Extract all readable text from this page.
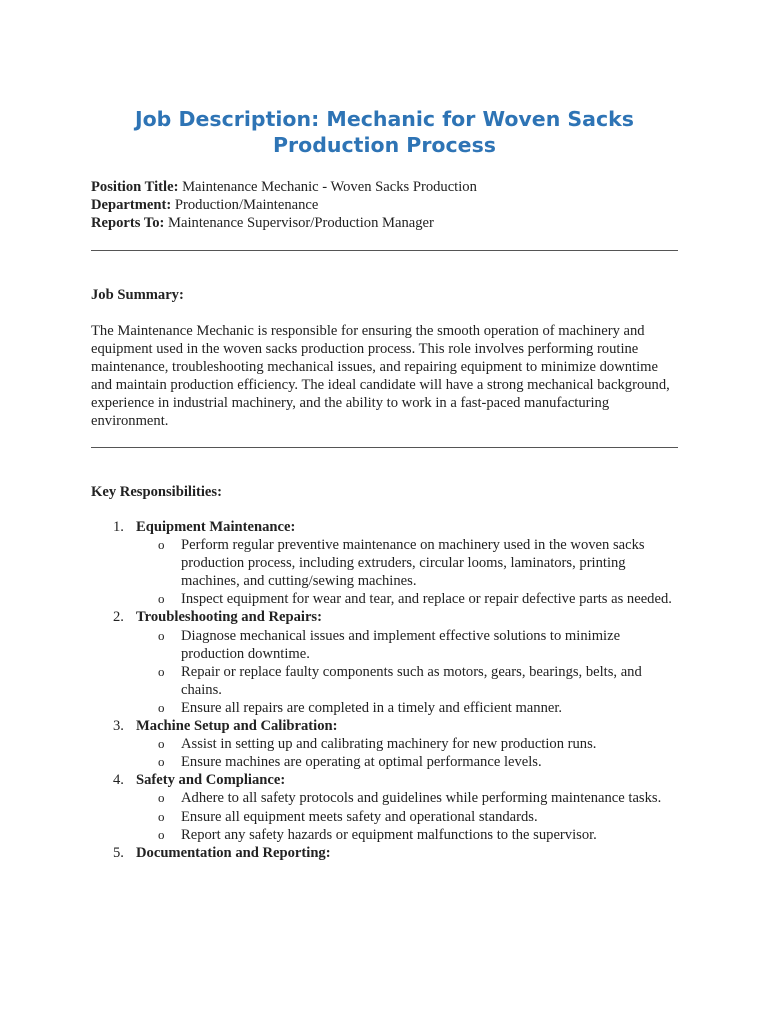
Job Description: Mechanic for Woven Sacks Production Process
Position Title: Maintenance Mechanic - Woven Sacks Production
Department: Production/Maintenance
Reports To: Maintenance Supervisor/Production Manager
Job Summary:

The Maintenance Mechanic is responsible for ensuring the smooth operation of machinery and equipment used in the woven sacks production process. This role involves performing routine maintenance, troubleshooting mechanical issues, and repairing equipment to minimize downtime and maintain production efficiency. The ideal candidate will have a strong mechanical background, experience in industrial machinery, and the ability to work in a fast-paced manufacturing environment.

Key Responsibilities:
1. Equipment Maintenance:
o Perform regular preventive maintenance on machinery used in the woven sacks production process, including extruders, circular looms, laminators, printing machines, and cutting/sewing machines.
o Inspect equipment for wear and tear, and replace or repair defective parts as needed.
2. Troubleshooting and Repairs:
o Diagnose mechanical issues and implement effective solutions to minimize production downtime.
o Repair or replace faulty components such as motors, gears, bearings, belts, and chains.
o Ensure all repairs are completed in a timely and efficient manner.
3. Machine Setup and Calibration:
o Assist in setting up and calibrating machinery for new production runs.
o Ensure machines are operating at optimal performance levels.
4. Safety and Compliance:
o Adhere to all safety protocols and guidelines while performing maintenance tasks.
o Ensure all equipment meets safety and operational standards.
o Report any safety hazards or equipment malfunctions to the supervisor.
5. Documentation and Reporting:
